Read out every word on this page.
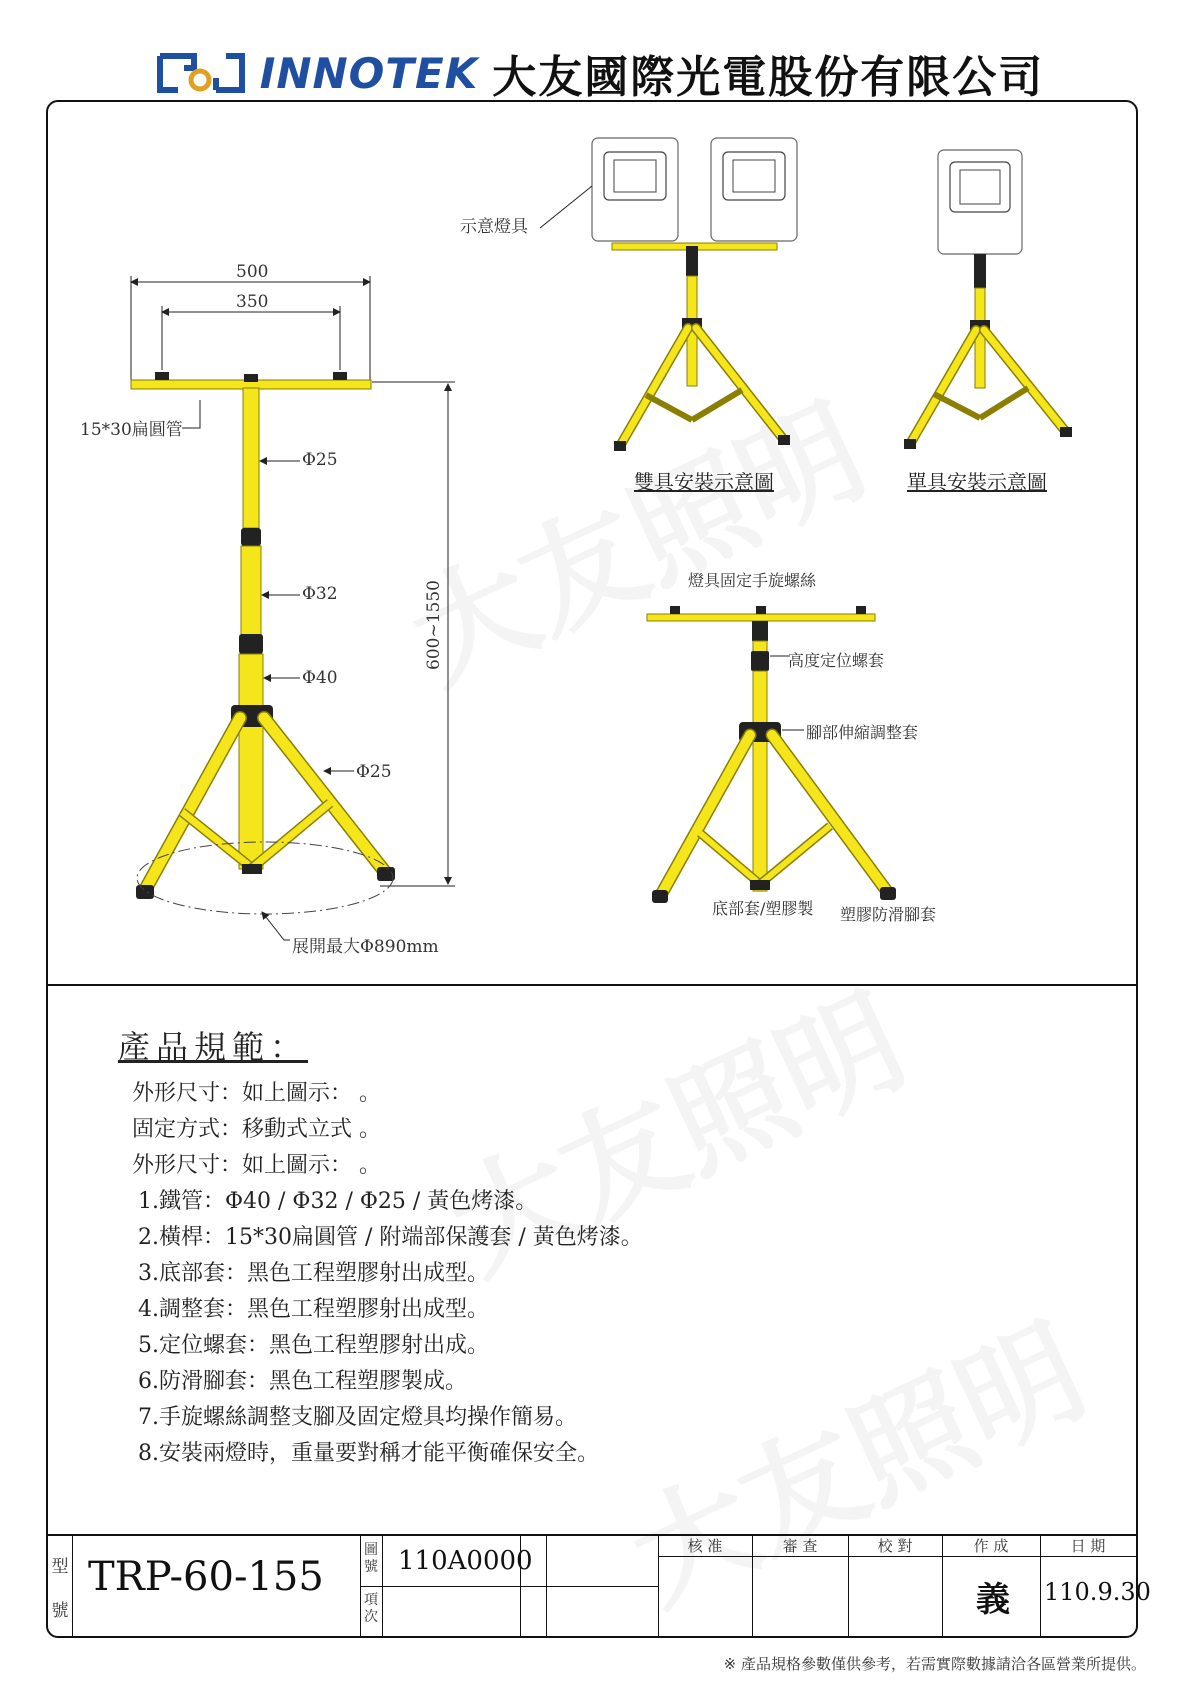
INNOTEK 大友國際光電股份有限公司
500
350
15*30扁圓管
Φ25
Φ32
Φ40
Φ25
600~1550
展開最大Φ890mm
示意燈具
雙具安裝示意圖	單具安裝示意圖
燈具固定手旋螺絲
高度定位螺套
腳部伸縮調整套
底部套/塑膠製 塑膠防滑腳套
產品規範：
外形尺寸：如上圖示： 。
固定方式：移動式立式 。
外形尺寸：如上圖示： 。
1.鐵管：Φ40 / Φ32 / Φ25 / 黃色烤漆。
2.橫桿：15*30扁圓管 / 附端部保護套 / 黃色烤漆。
3.底部套：黑色工程塑膠射出成型。
4.調整套：黑色工程塑膠射出成型。
5.定位螺套：黑色工程塑膠射出成。
6.防滑腳套：黑色工程塑膠製成。
7.手旋螺絲調整支腳及固定燈具均操作簡易。
8.安裝兩燈時，重量要對稱才能平衡確保安全。
型
號
TRP-60-155
圖號 110A0000
項次
核 准	審 查	校 對	作 成	日 期
義 110.9.30
※ 產品規格參數僅供參考，若需實際數據請洽各區營業所提供。
